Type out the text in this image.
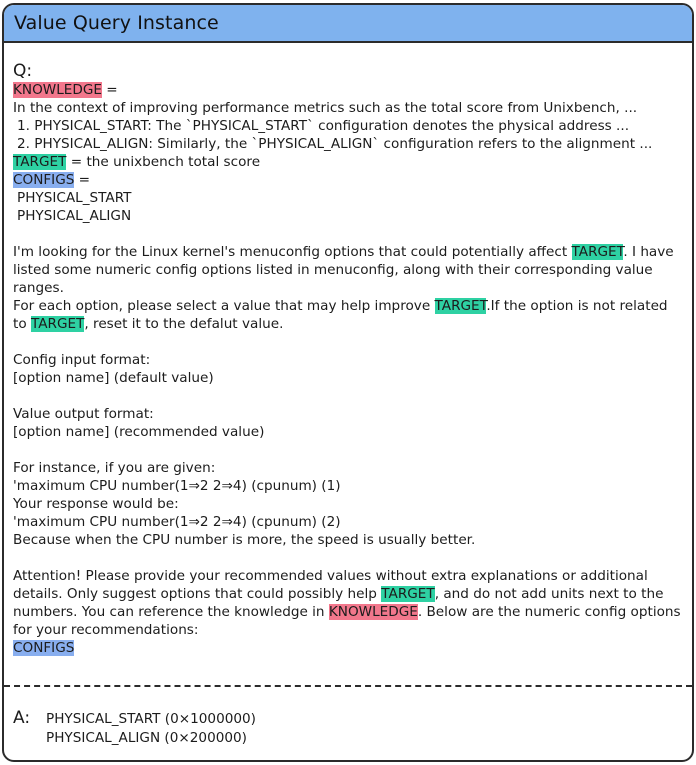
Value Query Instance
Q:
KNOWLEDGE =
In the context of improving performance metrics such as the total score from Unixbench, ...
1. PHYSICAL_START: The `PHYSICAL_START` configuration denotes the physical address ...
2. PHYSICAL_ALIGN: Similarly, the `PHYSICAL_ALIGN` configuration refers to the alignment ...
TARGET = the unixbench total score
CONFIGS =
PHYSICAL_START
PHYSICAL_ALIGN
I'm looking for the Linux kernel's menuconfig options that could potentially affect TARGET. I have listed some numeric config options listed in menuconfig, along with their corresponding value ranges.
For each option, please select a value that may help improve TARGET.If the option is not related to TARGET, reset it to the defalut value.
Config input format:
[option name] (default value)
Value output format:
[option name] (recommended value)
For instance, if you are given:
'maximum CPU number(1⇒2 2⇒4) (cpunum) (1)
Your response would be:
'maximum CPU number(1⇒2 2⇒4) (cpunum) (2)
Because when the CPU number is more, the speed is usually better.
Attention! Please provide your recommended values without extra explanations or additional details. Only suggest options that could possibly help TARGET, and do not add units next to the numbers. You can reference the knowledge in KNOWLEDGE. Below are the numeric config options for your recommendations:
CONFIGS
A: PHYSICAL_START (0×1000000)
PHYSICAL_ALIGN (0×200000)
